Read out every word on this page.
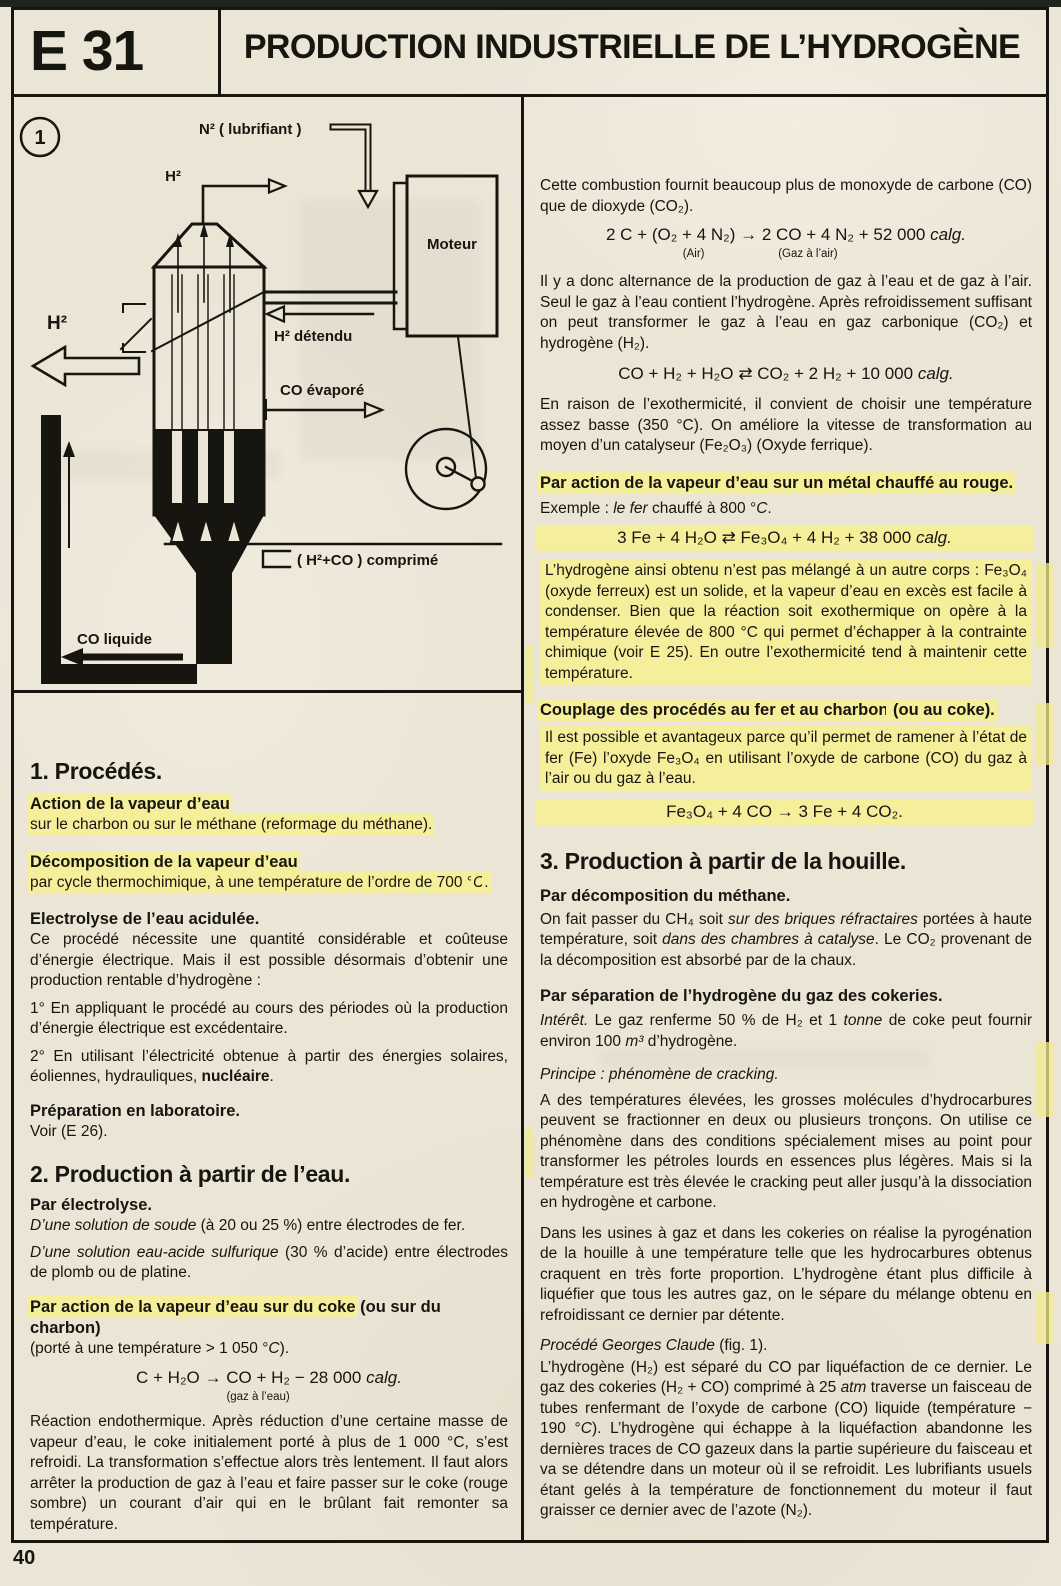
E 31	PRODUCTION INDUSTRIELLE DE L’HYDROGÈNE
1	N² ( lubrifiant )
H²
Moteur
H² détendu
CO évaporé
( H²+CO ) comprimé
H²
CO liquide
1. Procédés.

Action de la vapeur d’eau

sur le charbon ou sur le méthane (reformage du méthane).

Décomposition de la vapeur d’eau

par cycle thermochimique, à une température de l’ordre de 700 °C.

Electrolyse de l’eau acidulée.

Ce procédé nécessite une quantité considérable et coûteuse d’énergie électrique. Mais il est possible désormais d’obtenir une production rentable d’hydrogène :

1° En appliquant le procédé au cours des périodes où la production d’énergie électrique est excédentaire.

2° En utilisant l’électricité obtenue à partir des énergies solaires, éoliennes, hydrauliques, nucléaire.

Préparation en laboratoire.

Voir (E 26).

2. Production à partir de l’eau.

Par électrolyse.

D’une solution de soude (à 20 ou 25 %) entre électrodes de fer.

D’une solution eau-acide sulfurique (30 % d’acide) entre électrodes de plomb ou de platine.

Par action de la vapeur d’eau sur du coke (ou sur du charbon)

(porté à une température > 1 050 °C).

C + H₂O → CO + H₂
(gaz à l’eau)
− 28 000 calg.

Réaction endothermique. Après réduction d’une certaine masse de vapeur d’eau, le coke initialement porté à plus de 1 000 °C, s’est refroidi. La transformation s’effectue alors très lentement. Il faut alors arrêter la production de gaz à l’eau et faire passer sur le coke (rouge sombre) un courant d’air qui en le brûlant fait remonter sa température.

Cette combustion fournit beaucoup plus de monoxyde de carbone (CO) que de dioxyde (CO₂).

2 C + (O₂ + 4 N₂)
(Air)
→ 2 CO + 4 N₂
(Gaz à l’air)
+ 52 000 calg.

Il y a donc alternance de la production de gaz à l’eau et de gaz à l’air. Seul le gaz à l’eau contient l’hydrogène. Après refroidissement suffisant on peut transformer le gaz à l’eau en gaz carbonique (CO₂) et hydrogène (H₂).

CO + H₂ + H₂O ⇄ CO₂ + 2 H₂ + 10 000 calg.

En raison de l’exothermicité, il convient de choisir une température assez basse (350 °C). On améliore la vitesse de transformation au moyen d’un catalyseur (Fe₂O₃) (Oxyde ferrique).

Par action de la vapeur d’eau sur un métal chauffé au rouge.

Exemple : le fer chauffé à 800 °C.

3 Fe + 4 H₂O ⇄ Fe₃O₄ + 4 H₂ + 38 000 calg.

L’hydrogène ainsi obtenu n’est pas mélangé à un autre corps : Fe₃O₄ (oxyde ferreux) est un solide, et la vapeur d’eau en excès est facile à condenser. Bien que la réaction soit exothermique on opère à la température élevée de 800 °C qui permet d’échapper à la contrainte chimique (voir E 25). En outre l’exothermicité tend à maintenir cette température.

Couplage des procédés au fer et au charbon (ou au coke).

Il est possible et avantageux parce qu’il permet de ramener à l’état de fer (Fe) l’oxyde Fe₃O₄ en utilisant l’oxyde de carbone (CO) du gaz à l’air ou du gaz à l’eau.

Fe₃O₄ + 4 CO → 3 Fe + 4 CO₂.
3. Production à partir de la houille.

Par décomposition du méthane.

On fait passer du CH₄ soit sur des briques réfractaires portées à haute température, soit dans des chambres à catalyse. Le CO₂ provenant de la décomposition est absorbé par de la chaux.

Par séparation de l’hydrogène du gaz des cokeries.

Intérêt. Le gaz renferme 50 % de H₂ et 1 tonne de coke peut fournir environ 100 m³ d’hydrogène.

Principe : phénomène de cracking.

A des températures élevées, les grosses molécules d’hydrocarbures peuvent se fractionner en deux ou plusieurs tronçons. On utilise ce phénomène dans des conditions spécialement mises au point pour transformer les pétroles lourds en essences plus légères. Mais si la température est très élevée le cracking peut aller jusqu’à la dissociation en hydrogène et carbone.

Dans les usines à gaz et dans les cokeries on réalise la pyrogénation de la houille à une température telle que les hydrocarbures obtenus craquent en très forte proportion. L’hydrogène étant plus difficile à liquéfier que tous les autres gaz, on le sépare du mélange obtenu en refroidissant ce dernier par détente.

Procédé Georges Claude (fig. 1).

L’hydrogène (H₂) est séparé du CO par liquéfaction de ce dernier. Le gaz des cokeries (H₂ + CO) comprimé à 25 atm traverse un faisceau de tubes renfermant de l’oxyde de carbone (CO) liquide (température − 190 °C). L’hydrogène qui échappe à la liquéfaction abandonne les dernières traces de CO gazeux dans la partie supérieure du faisceau et va se détendre dans un moteur où il se refroidit. Les lubrifiants usuels étant gelés à la température de fonctionnement du moteur il faut graisser ce dernier avec de l’azote (N₂).

40
